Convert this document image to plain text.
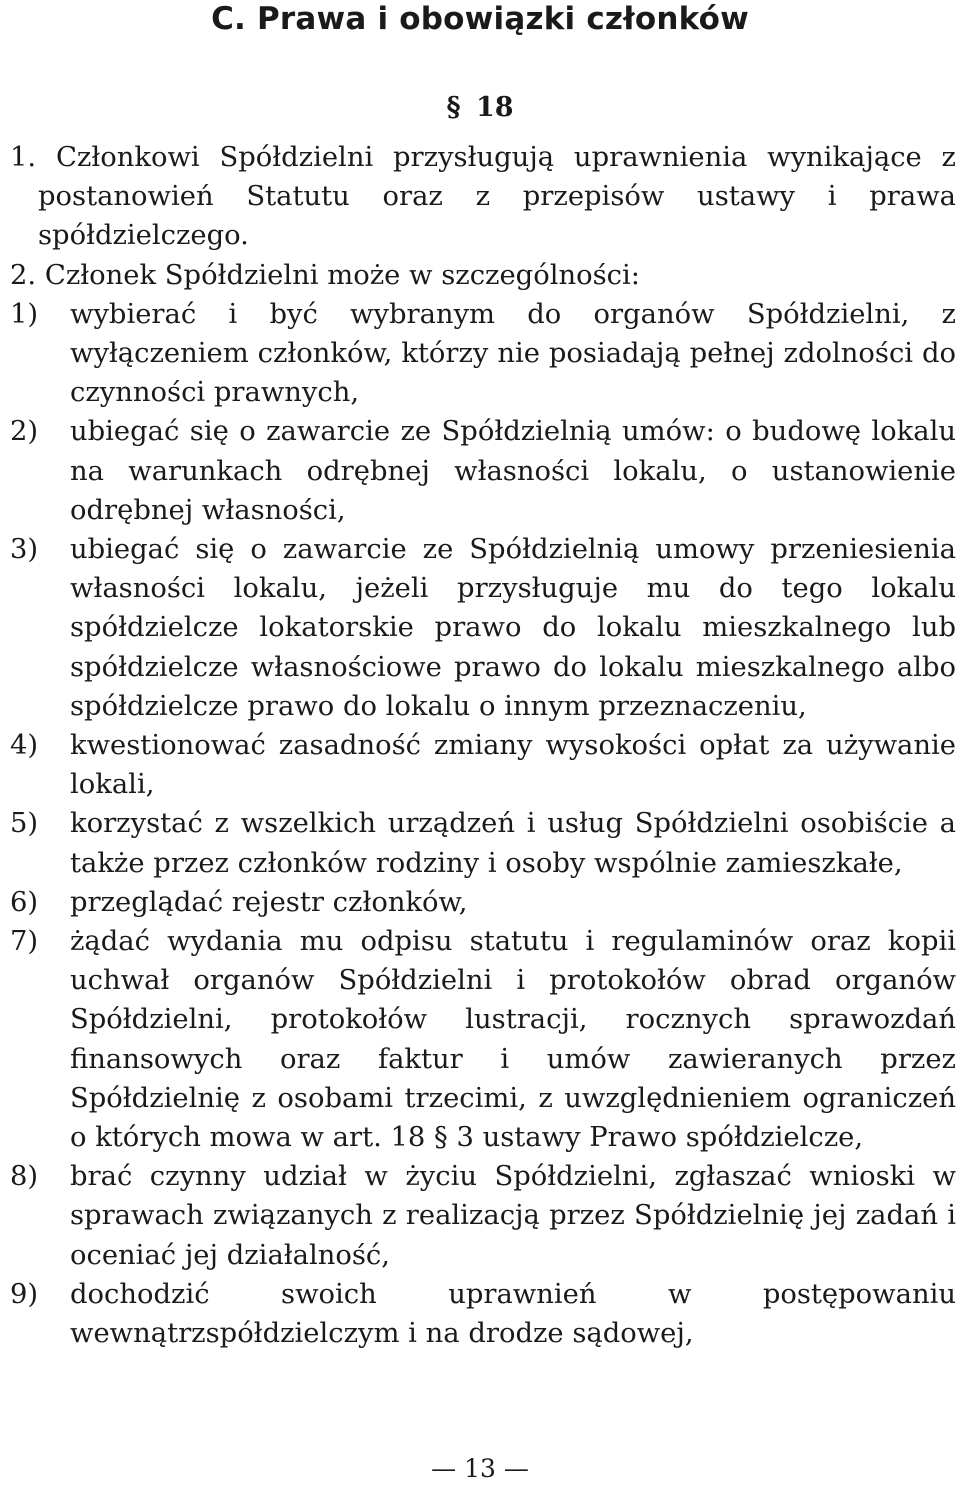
C. Prawa i obowiązki członków
§ 18

1. Członkowi Spółdzielni przysługują uprawnienia wynikające z postanowień Statutu oraz z przepisów ustawy i prawa spółdzielczego.

2. Członek Spółdzielni może w szczególności:

1) wybierać i być wybranym do organów Spółdzielni, z wyłączeniem członków, którzy nie posiadają pełnej zdolności do czynności prawnych,
2) ubiegać się o zawarcie ze Spółdzielnią umów: o budowę lokalu na warunkach odrębnej własności lokalu, o ustanowienie odrębnej własności,
3) ubiegać się o zawarcie ze Spółdzielnią umowy przeniesienia własności lokalu, jeżeli przysługuje mu do tego lokalu spółdzielcze lokatorskie prawo do lokalu mieszkalnego lub spółdzielcze własnościowe prawo do lokalu mieszkalnego albo spółdzielcze prawo do lokalu o innym przeznaczeniu,
4) kwestionować zasadność zmiany wysokości opłat za używanie lokali,
5) korzystać z wszelkich urządzeń i usług Spółdzielni osobiście a także przez członków rodziny i osoby wspólnie zamieszkałe,
6) przeglądać rejestr członków,
7) żądać wydania mu odpisu statutu i regulaminów oraz kopii uchwał organów Spółdzielni i protokołów obrad organów Spółdzielni, protokołów lustracji, rocznych sprawozdań finansowych oraz faktur i umów zawieranych przez Spółdzielnię z osobami trzecimi, z uwzględnieniem ograniczeń o których mowa w art. 18 § 3 ustawy Prawo spółdzielcze,
8) brać czynny udział w życiu Spółdzielni, zgłaszać wnioski w sprawach związanych z realizacją przez Spółdzielnię jej zadań i oceniać jej działalność,
9) dochodzić swoich uprawnień w postępowaniu wewnątrzspółdzielczym i na drodze sądowej,
— 13 —
